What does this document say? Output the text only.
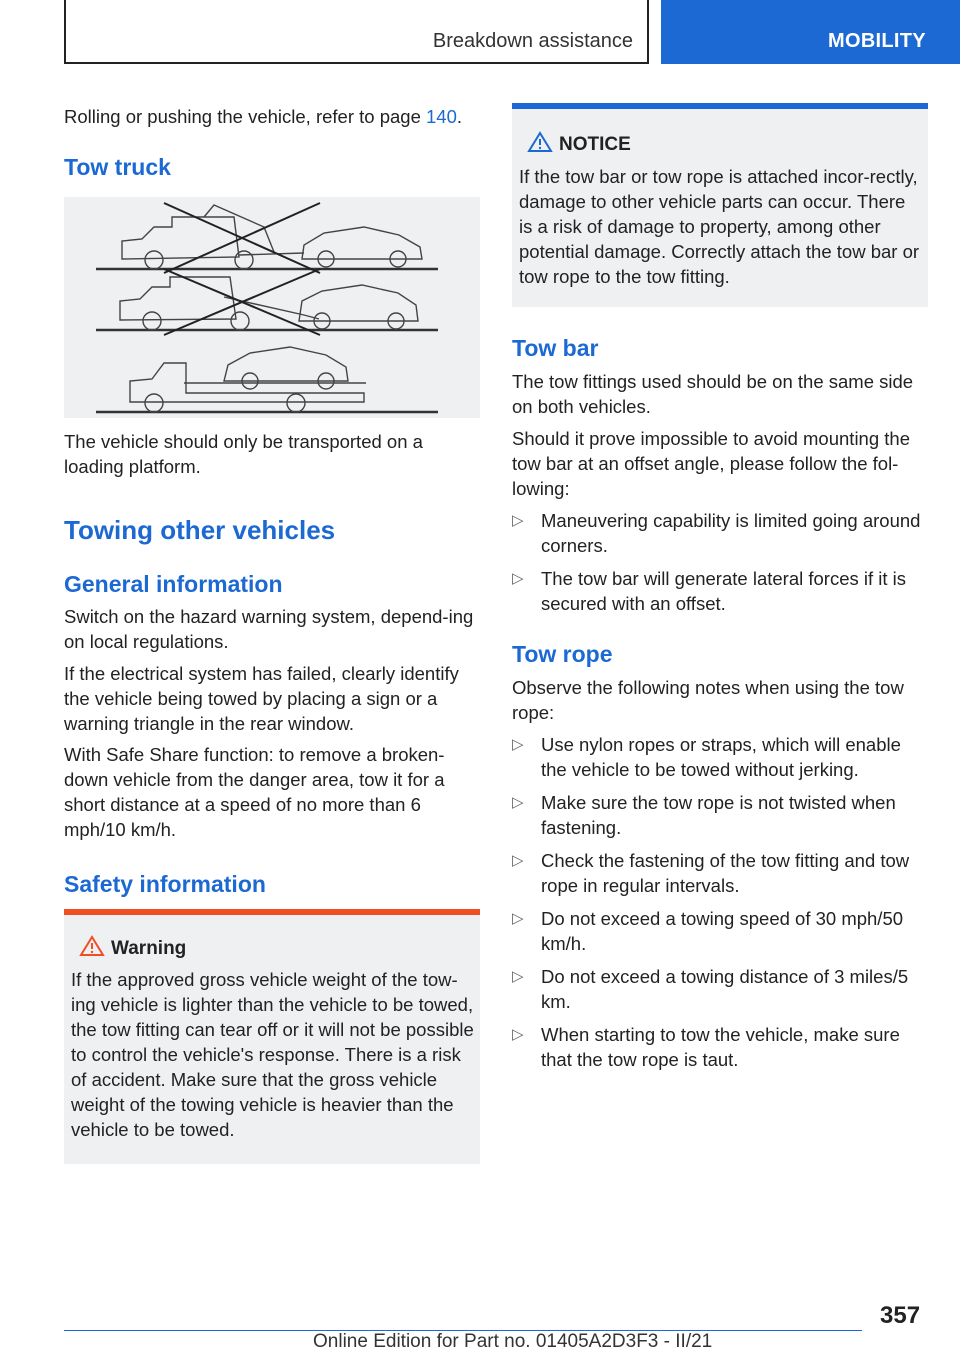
Breakdown assistance	MOBILITY

Rolling or pushing the vehicle, refer to page 140.

Tow truck

The vehicle should only be transported on a loading platform.

Towing other vehicles
General information

Switch on the hazard warning system, depend-ing on local regulations.

If the electrical system has failed, clearly identify the vehicle being towed by placing a sign or a warning triangle in the rear window.

With Safe Share function: to remove a broken-down vehicle from the danger area, tow it for a short distance at a speed of no more than 6 mph/10 km/h.

Safety information
Warning
If the approved gross vehicle weight of the tow-ing vehicle is lighter than the vehicle to be towed, the tow fitting can tear off or it will not be possible to control the vehicle's response. There is a risk of accident. Make sure that the gross vehicle weight of the towing vehicle is heavier than the vehicle to be towed.
NOTICE
If the tow bar or tow rope is attached incor-rectly, damage to other vehicle parts can occur. There is a risk of damage to property, among other potential damage. Correctly attach the tow bar or tow rope to the tow fitting.
Tow bar

The tow fittings used should be on the same side on both vehicles.

Should it prove impossible to avoid mounting the tow bar at an offset angle, please follow the fol-lowing:

▷ Maneuvering capability is limited going around corners.
▷ The tow bar will generate lateral forces if it is secured with an offset.
Tow rope

Observe the following notes when using the tow rope:

▷ Use nylon ropes or straps, which will enable the vehicle to be towed without jerking.
▷ Make sure the tow rope is not twisted when fastening.
▷ Check the fastening of the tow fitting and tow rope in regular intervals.
▷ Do not exceed a towing speed of 30 mph/50 km/h.
▷ Do not exceed a towing distance of 3 miles/5 km.
▷ When starting to tow the vehicle, make sure that the tow rope is taut.
357
Online Edition for Part no. 01405A2D3F3 - II/21
